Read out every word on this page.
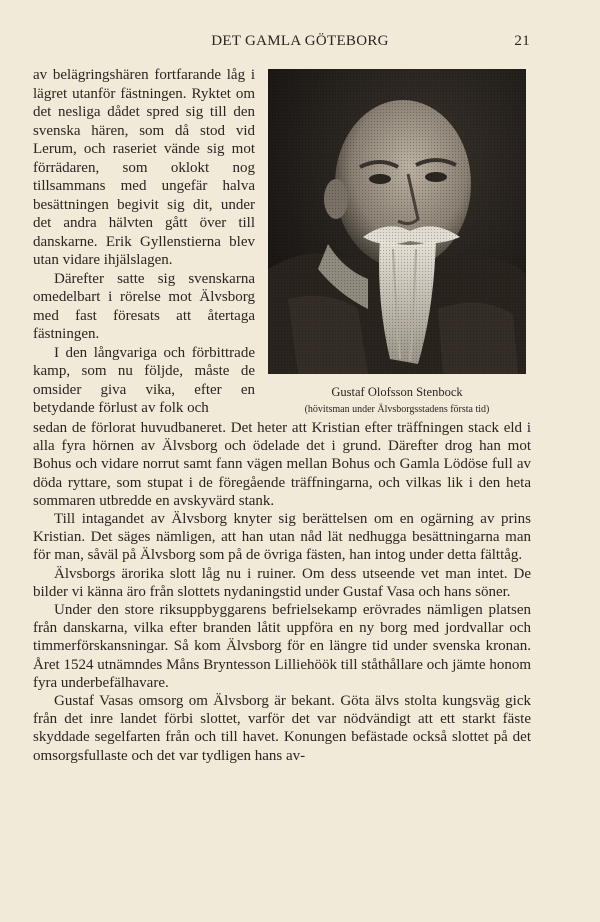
DET GAMLA GÖTEBORG	21

av belägringshären fortfarande låg i lägret utanför fästningen. Ryktet om det nesliga dådet spred sig till den svenska hären, som då stod vid Lerum, och raseriet vände sig mot förrädaren, som oklokt nog tillsammans med ungefär halva besättningen begivit sig dit, under det andra hälvten gått över till danskarne. Erik Gyllenstierna blev utan vidare ihjälslagen.

Därefter satte sig svenskarna omedelbart i rörelse mot Älvsborg med fast föresats att återtaga fästningen.

I den långvariga och förbittrade kamp, som nu följde, måste de omsider giva vika, efter en betydande förlust av folk och

Gustaf Olofsson Stenbock
(hövitsman under Älvsborgsstadens första tid)

sedan de förlorat huvudbaneret. Det heter att Kristian efter träffningen stack eld i alla fyra hörnen av Älvsborg och ödelade det i grund. Därefter drog han mot Bohus och vidare norrut samt fann vägen mellan Bohus och Gamla Lödöse full av döda ryttare, som stupat i de föregående träffningarna, och vilkas lik i den heta sommaren utbredde en avskyvärd stank.

Till intagandet av Älvsborg knyter sig berättelsen om en ogärning av prins Kristian. Det säges nämligen, att han utan nåd lät nedhugga besättningarna man för man, såväl på Älvsborg som på de övriga fästen, han intog under detta fälttåg.

Älvsborgs ärorika slott låg nu i ruiner. Om dess utseende vet man intet. De bilder vi känna äro från slottets nydaningstid under Gustaf Vasa och hans söner.

Under den store riksuppbyggarens befrielsekamp erövrades nämligen platsen från danskarna, vilka efter branden låtit uppföra en ny borg med jordvallar och timmerförskansningar. Så kom Älvsborg för en längre tid under svenska kronan. Året 1524 utnämndes Måns Bryntesson Lilliehöök till ståthållare och jämte honom fyra underbefälhavare.

Gustaf Vasas omsorg om Älvsborg är bekant. Göta älvs stolta kungsväg gick från det inre landet förbi slottet, varför det var nödvändigt att ett starkt fäste skyddade segelfarten från och till havet. Konungen befästade också slottet på det omsorgsfullaste och det var tydligen hans av-
